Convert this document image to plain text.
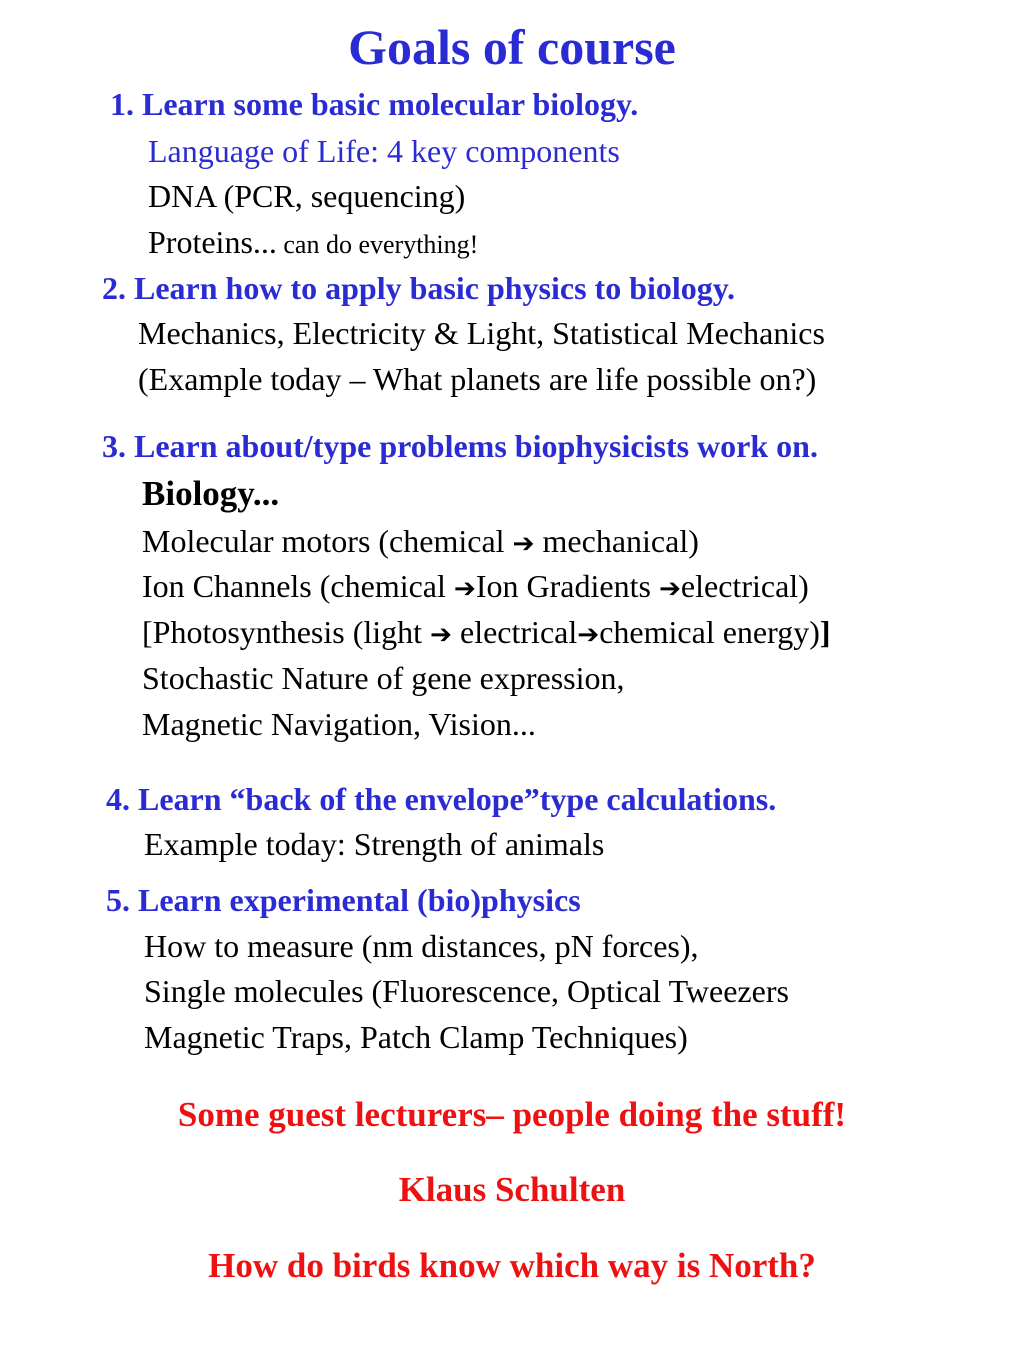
Goals of course
1. Learn some basic molecular biology.
Language of Life: 4 key components
DNA (PCR, sequencing)
Proteins... can do everything!
2. Learn how to apply basic physics to biology.
Mechanics, Electricity & Light, Statistical Mechanics
(Example today – What planets are life possible on?)
3. Learn about/type problems biophysicists work on.
Biology...
Molecular motors (chemical ➔ mechanical)
Ion Channels (chemical ➔Ion Gradients ➔electrical)
[Photosynthesis (light ➔ electrical➔chemical energy)]
Stochastic Nature of gene expression,
Magnetic Navigation, Vision...
4. Learn “back of the envelope”type calculations.
Example today: Strength of animals
5. Learn experimental (bio)physics
How to measure (nm distances, pN forces),
Single molecules (Fluorescence, Optical Tweezers
Magnetic Traps, Patch Clamp Techniques)
Some guest lecturers– people doing the stuff!
Klaus Schulten
How do birds know which way is North?
